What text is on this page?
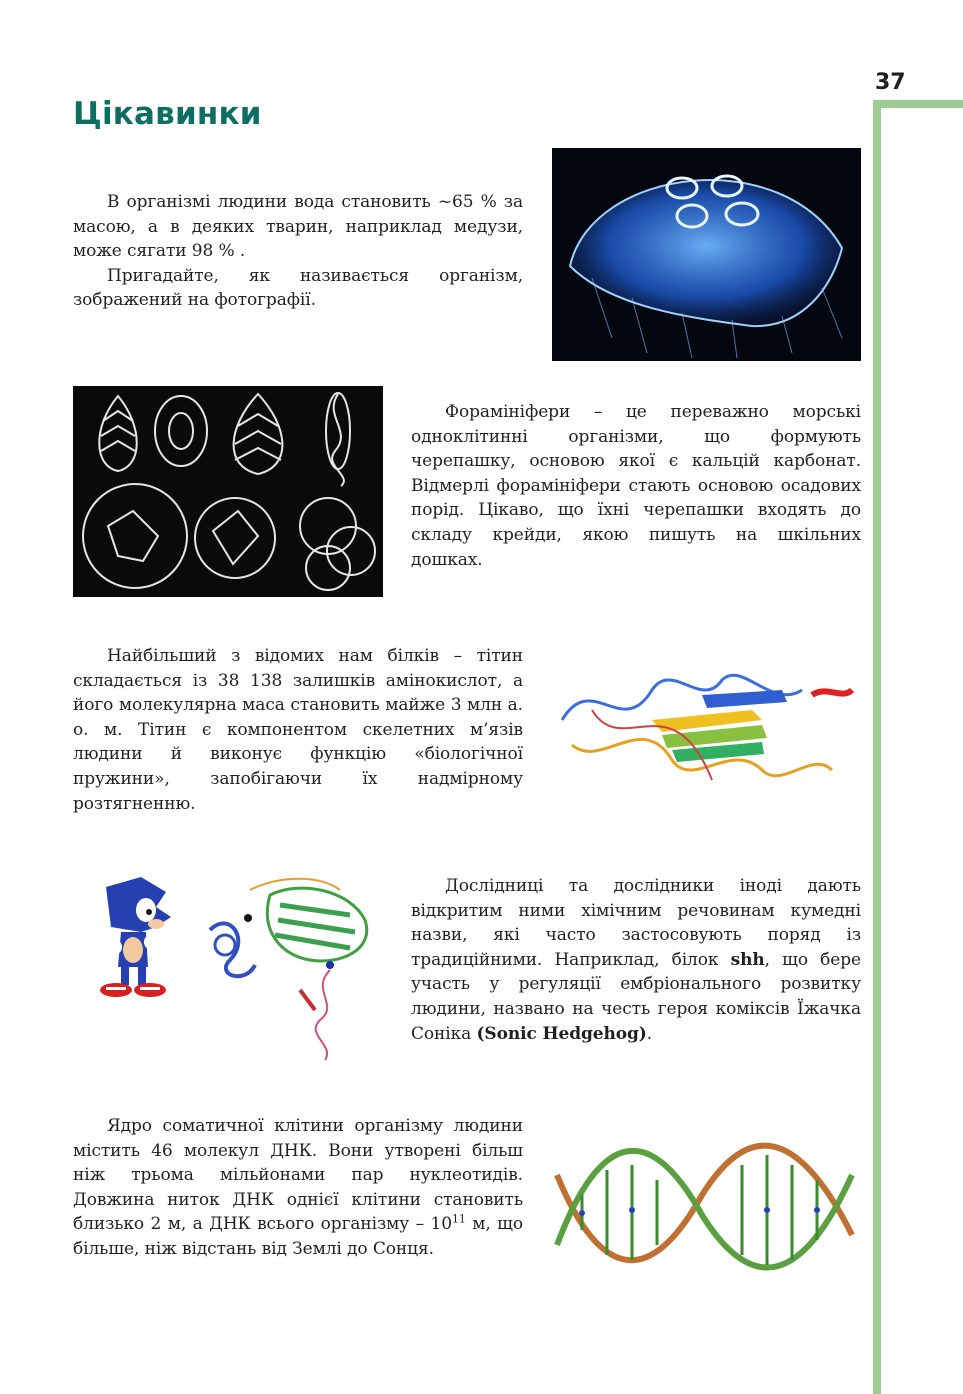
37
Цікавинки

В організмі людини вода становить ~65 % за масою, а в деяких тварин, наприклад медузи, може сягати 98 % .

Пригадайте, як називається організм, зображений на фотографії.

Форамініфери – це переважно морські одноклітинні організми, що формують черепашку, основою якої є кальцій карбонат. Відмерлі форамініфери стають основою осадових порід. Цікаво, що їхні черепашки входять до складу крейди, якою пишуть на шкільних дошках.

Найбільший з відомих нам білків – тітин складається із 38 138 залишків амінокислот, а його молекулярна маса становить майже 3 млн а. о. м. Тітин є компонентом скелетних м’язів людини й виконує функцію «біологічної пружини», запобігаючи їх надмірному розтягненню.

Дослідниці та дослідники іноді дають відкритим ними хімічним речовинам кумедні назви, які часто застосовують поряд із традиційними. Наприклад, білок shh, що бере участь у регуляції ембріонального розвитку людини, названо на честь героя коміксів Їжачка Соніка (Sonic Hedgehog).

Ядро соматичної клітини організму людини містить 46 молекул ДНК. Вони утворені більш ніж трьома мільйонами пар нуклеотидів. Довжина ниток ДНК однієї клітини становить близько 2 м, а ДНК всього організму – $10^{11}$ м, що більше, ніж відстань від Землі до Сонця.
